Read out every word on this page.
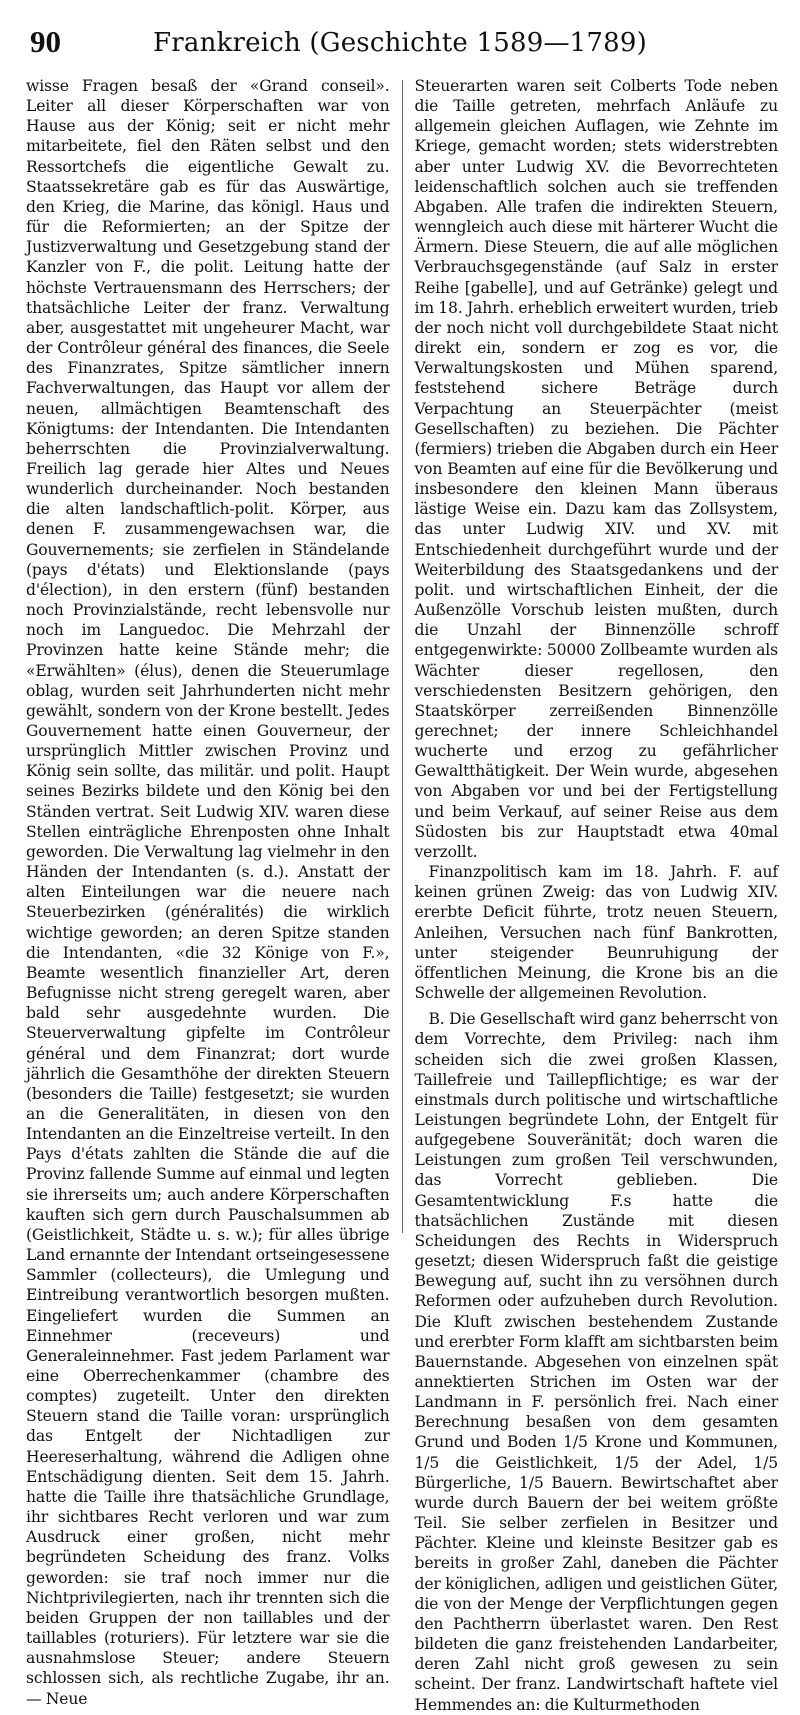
90	Frankreich (Geschichte 1589—1789)

wisse Fragen besaß der «Grand conseil». Leiter all dieser Körperschaften war von Hause aus der König; seit er nicht mehr mitarbeitete, fiel den Räten selbst und den Ressortchefs die eigentliche Gewalt zu. Staatssekretäre gab es für das Auswärtige, den Krieg, die Marine, das königl. Haus und für die Reformierten; an der Spitze der Justizverwaltung und Gesetzgebung stand der Kanzler von F., die polit. Leitung hatte der höchste Vertrauensmann des Herrschers; der thatsächliche Leiter der franz. Verwaltung aber, ausgestattet mit ungeheurer Macht, war der Contrôleur général des finances, die Seele des Finanzrates, Spitze sämtlicher innern Fachverwaltungen, das Haupt vor allem der neuen, allmächtigen Beamtenschaft des Königtums: der Intendanten. Die Intendanten beherrschten die Provinzialverwaltung. Freilich lag gerade hier Altes und Neues wunderlich durcheinander. Noch bestanden die alten landschaftlich-polit. Körper, aus denen F. zusammengewachsen war, die Gouvernements; sie zerfielen in Ständelande (pays d'états) und Elektionslande (pays d'élection), in den erstern (fünf) bestanden noch Provinzialstände, recht lebensvolle nur noch im Languedoc. Die Mehrzahl der Provinzen hatte keine Stände mehr; die «Erwählten» (élus), denen die Steuerumlage oblag, wurden seit Jahrhunderten nicht mehr gewählt, sondern von der Krone bestellt. Jedes Gouvernement hatte einen Gouverneur, der ursprünglich Mittler zwischen Provinz und König sein sollte, das militär. und polit. Haupt seines Bezirks bildete und den König bei den Ständen vertrat. Seit Ludwig XIV. waren diese Stellen einträgliche Ehrenposten ohne Inhalt geworden. Die Verwaltung lag vielmehr in den Händen der Intendanten (s. d.). Anstatt der alten Einteilungen war die neuere nach Steuerbezirken (généralités) die wirklich wichtige geworden; an deren Spitze standen die Intendanten, «die 32 Könige von F.», Beamte wesentlich finanzieller Art, deren Befugnisse nicht streng geregelt waren, aber bald sehr ausgedehnte wurden. Die Steuerverwaltung gipfelte im Contrôleur général und dem Finanzrat; dort wurde jährlich die Gesamthöhe der direkten Steuern (besonders die Taille) festgesetzt; sie wurden an die Generalitäten, in diesen von den Intendanten an die Einzeltreise verteilt. In den Pays d'états zahlten die Stände die auf die Provinz fallende Summe auf einmal und legten sie ihrerseits um; auch andere Körperschaften kauften sich gern durch Pauschalsummen ab (Geistlichkeit, Städte u. s. w.); für alles übrige Land ernannte der Intendant ortseingesessene Sammler (collecteurs), die Umlegung und Eintreibung verantwortlich besorgen mußten. Eingeliefert wurden die Summen an Einnehmer (receveurs) und Generaleinnehmer. Fast jedem Parlament war eine Oberrechenkammer (chambre des comptes) zugeteilt. Unter den direkten Steuern stand die Taille voran: ursprünglich das Entgelt der Nichtadligen zur Heereserhaltung, während die Adligen ohne Entschädigung dienten. Seit dem 15. Jahrh. hatte die Taille ihre thatsächliche Grundlage, ihr sichtbares Recht verloren und war zum Ausdruck einer großen, nicht mehr begründeten Scheidung des franz. Volks geworden: sie traf noch immer nur die Nichtprivilegierten, nach ihr trennten sich die beiden Gruppen der non taillables und der taillables (roturiers). Für letztere war sie die ausnahmslose Steuer; andere Steuern schlossen sich, als rechtliche Zugabe, ihr an. — Neue

Steuerarten waren seit Colberts Tode neben die Taille getreten, mehrfach Anläufe zu allgemein gleichen Auflagen, wie Zehnte im Kriege, gemacht worden; stets widerstrebten aber unter Ludwig XV. die Bevorrechteten leidenschaftlich solchen auch sie treffenden Abgaben. Alle trafen die indirekten Steuern, wenngleich auch diese mit härterer Wucht die Ärmern. Diese Steuern, die auf alle möglichen Verbrauchsgegenstände (auf Salz in erster Reihe [gabelle], und auf Getränke) gelegt und im 18. Jahrh. erheblich erweitert wurden, trieb der noch nicht voll durchgebildete Staat nicht direkt ein, sondern er zog es vor, die Verwaltungskosten und Mühen sparend, feststehend sichere Beträge durch Verpachtung an Steuerpächter (meist Gesellschaften) zu beziehen. Die Pächter (fermiers) trieben die Abgaben durch ein Heer von Beamten auf eine für die Bevölkerung und insbesondere den kleinen Mann überaus lästige Weise ein. Dazu kam das Zollsystem, das unter Ludwig XIV. und XV. mit Entschiedenheit durchgeführt wurde und der Weiterbildung des Staatsgedankens und der polit. und wirtschaftlichen Einheit, der die Außenzölle Vorschub leisten mußten, durch die Unzahl der Binnenzölle schroff entgegenwirkte: 50000 Zollbeamte wurden als Wächter dieser regellosen, den verschiedensten Besitzern gehörigen, den Staatskörper zerreißenden Binnenzölle gerechnet; der innere Schleichhandel wucherte und erzog zu gefährlicher Gewaltthätigkeit. Der Wein wurde, abgesehen von Abgaben vor und bei der Fertigstellung und beim Verkauf, auf seiner Reise aus dem Südosten bis zur Hauptstadt etwa 40mal verzollt.

Finanzpolitisch kam im 18. Jahrh. F. auf keinen grünen Zweig: das von Ludwig XIV. ererbte Deficit führte, trotz neuen Steuern, Anleihen, Versuchen nach fünf Bankrotten, unter steigender Beunruhigung der öffentlichen Meinung, die Krone bis an die Schwelle der allgemeinen Revolution.

B. Die Gesellschaft wird ganz beherrscht von dem Vorrechte, dem Privileg: nach ihm scheiden sich die zwei großen Klassen, Taillefreie und Taillepflichtige; es war der einstmals durch politische und wirtschaftliche Leistungen begründete Lohn, der Entgelt für aufgegebene Souveränität; doch waren die Leistungen zum großen Teil verschwunden, das Vorrecht geblieben. Die Gesamtentwicklung F.s hatte die thatsächlichen Zustände mit diesen Scheidungen des Rechts in Widerspruch gesetzt; diesen Widerspruch faßt die geistige Bewegung auf, sucht ihn zu versöhnen durch Reformen oder aufzuheben durch Revolution. Die Kluft zwischen bestehendem Zustande und ererbter Form klafft am sichtbarsten beim Bauernstande. Abgesehen von einzelnen spät annektierten Strichen im Osten war der Landmann in F. persönlich frei. Nach einer Berechnung besaßen von dem gesamten Grund und Boden 1/5 Krone und Kommunen, 1/5 die Geistlichkeit, 1/5 der Adel, 1/5 Bürgerliche, 1/5 Bauern. Bewirtschaftet aber wurde durch Bauern der bei weitem größte Teil. Sie selber zerfielen in Besitzer und Pächter. Kleine und kleinste Besitzer gab es bereits in großer Zahl, daneben die Pächter der königlichen, adligen und geistlichen Güter, die von der Menge der Verpflichtungen gegen den Pachtherrn überlastet waren. Den Rest bildeten die ganz freistehenden Landarbeiter, deren Zahl nicht groß gewesen zu sein scheint. Der franz. Landwirtschaft haftete viel Hemmendes an: die Kulturmethoden
